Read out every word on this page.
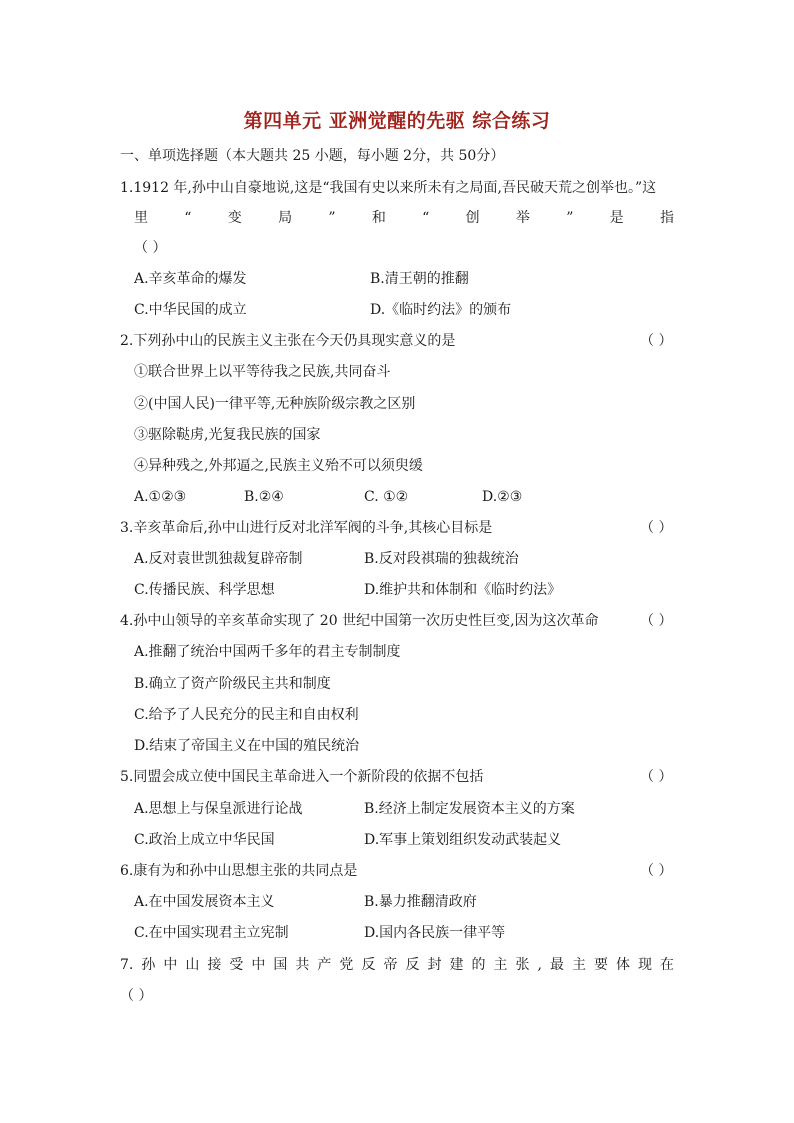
第四单元 亚洲觉醒的先驱 综合练习
一、单项选择题（本大题共 25 小题，每小题 2分，共 50分）
1.1912 年,孙中山自豪地说,这是“我国有史以来所未有之局面,吾民破天荒之创举也。”这
里	“	变	局	”	和	“	创	举	”	是	指
（ ）
A.辛亥革命的爆发	B.清王朝的推翻
C.中华民国的成立	D.《临时约法》的颁布
2.下列孙中山的民族主义主张在今天仍具现实意义的是	（ ）
①联合世界上以平等待我之民族,共同奋斗
②(中国人民)一律平等,无种族阶级宗教之区别
③驱除鞑虏,光复我民族的国家
④异种残之,外邦逼之,民族主义殆不可以须臾缓
A.①②③	B.②④	C. ①②	D.②③
3.辛亥革命后,孙中山进行反对北洋军阀的斗争,其核心目标是	（ ）
A.反对袁世凯独裁复辟帝制	B.反对段祺瑞的独裁统治
C.传播民族、科学思想	D.维护共和体制和《临时约法》
4.孙中山领导的辛亥革命实现了 20 世纪中国第一次历史性巨变,因为这次革命	（ ）
A.推翻了统治中国两千多年的君主专制制度
B.确立了资产阶级民主共和制度
C.给予了人民充分的民主和自由权利
D.结束了帝国主义在中国的殖民统治
5.同盟会成立使中国民主革命进入一个新阶段的依据不包括	（ ）
A.思想上与保皇派进行论战	B.经济上制定发展资本主义的方案
C.政治上成立中华民国	D.军事上策划组织发动武装起义
6.康有为和孙中山思想主张的共同点是	（ ）
A.在中国发展资本主义	B.暴力推翻清政府
C.在中国实现君主立宪制	D.国内各民族一律平等
7.孙中山接受中国共产党反帝反封建的主张,最主要体现在
（ ）
